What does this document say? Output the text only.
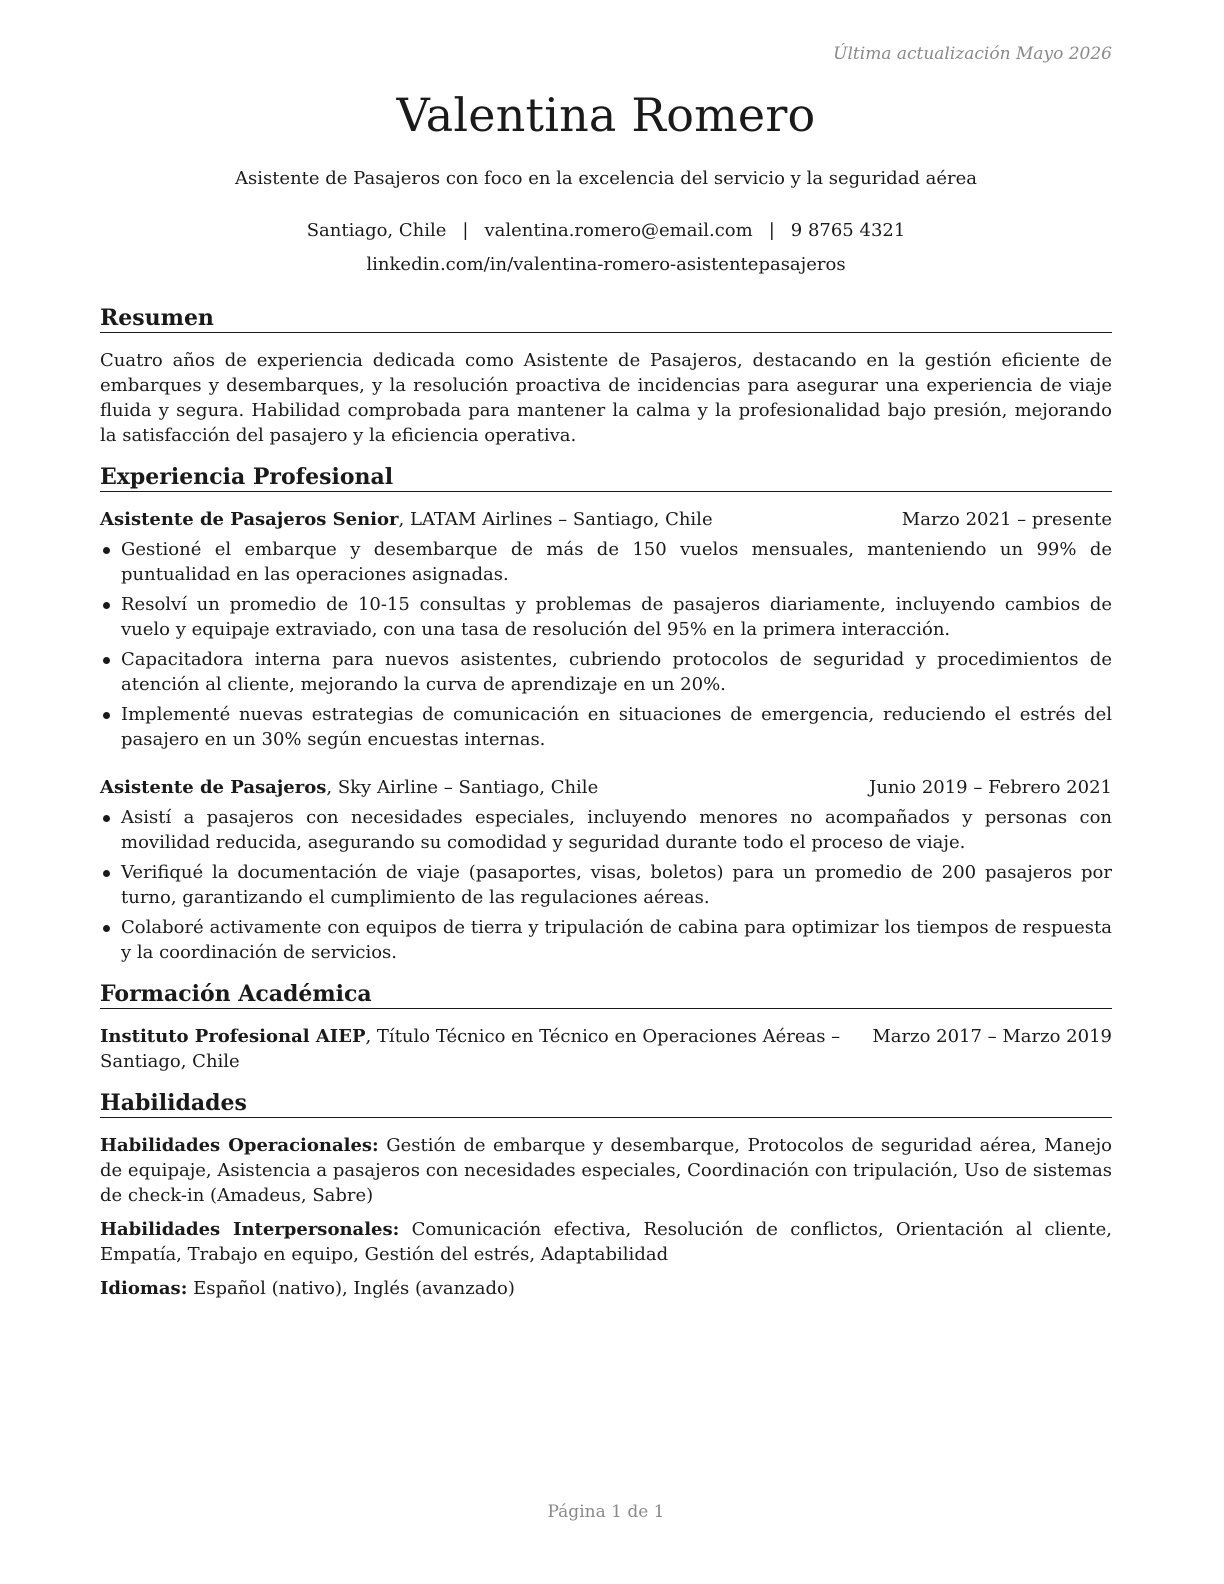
Última actualización Mayo 2026
Valentina Romero
Asistente de Pasajeros con foco en la excelencia del servicio y la seguridad aérea
Santiago, Chile | valentina.romero@email.com | 9 8765 4321
linkedin.com/in/valentina-romero-asistentepasajeros
Resumen

Cuatro años de experiencia dedicada como Asistente de Pasajeros, destacando en la gestión eficiente de embarques y desembarques, y la resolución proactiva de incidencias para asegurar una experiencia de viaje fluida y segura. Habilidad comprobada para mantener la calma y la profesionalidad bajo presión, mejorando la satisfacción del pasajero y la eficiencia operativa.

Experiencia Profesional
Asistente de Pasajeros Senior, LATAM Airlines – Santiago, Chile	Marzo 2021 – presente
Gestioné el embarque y desembarque de más de 150 vuelos mensuales, manteniendo un 99% de puntualidad en las operaciones asignadas.
Resolví un promedio de 10-15 consultas y problemas de pasajeros diariamente, incluyendo cambios de vuelo y equipaje extraviado, con una tasa de resolución del 95% en la primera interacción.
Capacitadora interna para nuevos asistentes, cubriendo protocolos de seguridad y procedimientos de atención al cliente, mejorando la curva de aprendizaje en un 20%.
Implementé nuevas estrategias de comunicación en situaciones de emergencia, reduciendo el estrés del pasajero en un 30% según encuestas internas.
Asistente de Pasajeros, Sky Airline – Santiago, Chile	Junio 2019 – Febrero 2021
Asistí a pasajeros con necesidades especiales, incluyendo menores no acompañados y personas con movilidad reducida, asegurando su comodidad y seguridad durante todo el proceso de viaje.
Verifiqué la documentación de viaje (pasaportes, visas, boletos) para un promedio de 200 pasajeros por turno, garantizando el cumplimiento de las regulaciones aéreas.
Colaboré activamente con equipos de tierra y tripulación de cabina para optimizar los tiempos de respuesta y la coordinación de servicios.
Formación Académica
Instituto Profesional AIEP, Título Técnico en Técnico en Operaciones Aéreas – Santiago, Chile
Marzo 2017 – Marzo 2019
Habilidades

Habilidades Operacionales: Gestión de embarque y desembarque, Protocolos de seguridad aérea, Manejo de equipaje, Asistencia a pasajeros con necesidades especiales, Coordinación con tripulación, Uso de sistemas de check-in (Amadeus, Sabre)

Habilidades Interpersonales: Comunicación efectiva, Resolución de conflictos, Orientación al cliente, Empatía, Trabajo en equipo, Gestión del estrés, Adaptabilidad

Idiomas: Español (nativo), Inglés (avanzado)

Página 1 de 1
